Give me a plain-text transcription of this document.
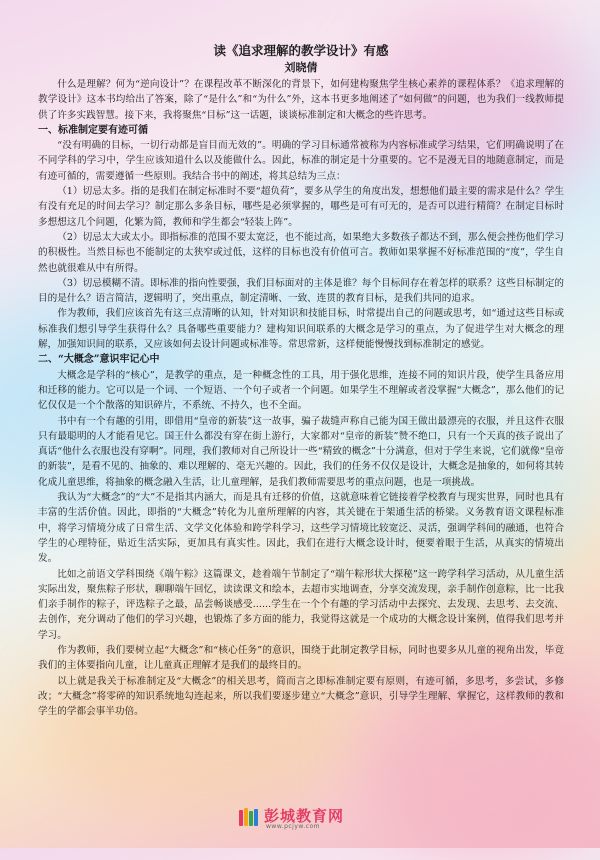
读《追求理解的教学设计》有感
刘晓倩

什么是理解？何为“逆向设计”？在课程改革不断深化的背景下，如何建构聚焦学生核心素养的课程体系？《追求理解的教学设计》这本书均给出了答案，除了“是什么”和“为什么”外，这本书更多地阐述了“如何做”的问题，也为我们一线教师提供了许多实践智慧。接下来，我将聚焦“目标”这一话题，谈谈标准制定和大概念的些许思考。

一、标准制定要有迹可循

“没有明确的目标，一切行动都是盲目而无效的”。明确的学习目标通常被称为内容标准或学习结果，它们明确说明了在不同学科的学习中，学生应该知道什么以及能做什么。因此，标准的制定是十分重要的。它不是漫无目的地随意制定，而是有迹可循的，需要遵循一些原则。我结合书中的阐述，将其总结为三点：

（1）切忌太多。指的是我们在制定标准时不要“超负荷”，要多从学生的角度出发，想想他们最主要的需求是什么？学生有没有充足的时间去学习？制定那么多条目标，哪些是必须掌握的，哪些是可有可无的，是否可以进行精简？在制定目标时多想想这几个问题，化繁为简，教师和学生都会“轻装上阵”。

（2）切忌太大或太小。即指标准的范围不要太宽泛，也不能过高，如果绝大多数孩子都达不到，那么便会挫伤他们学习的积极性。当然目标也不能制定的太狭窄或过低，这样的目标也没有价值可言。教师如果掌握不好标准范围的“度”，学生自然也就很难从中有所得。

（3）切忌模糊不清。即标准的指向性要强，我们目标面对的主体是谁？每个目标间存在着怎样的联系？这些目标制定的目的是什么？语言简洁，逻辑明了，突出重点，制定清晰、一致、连贯的教育目标，是我们共同的追求。

作为教师，我们应该首先有这三点清晰的认知，针对知识和技能目标，时常提出自己的问题或思考，如“通过这些目标或标准我们想引导学生获得什么？具备哪些重要能力？建构知识间联系的大概念是学习的重点，为了促进学生对大概念的理解，加强知识间的联系，又应该如何去设计问题或标准等。常思常新，这样便能慢慢找到标准制定的感觉。

二、“大概念”意识牢记心中

大概念是学科的“核心”，是教学的重点，是一种概念性的工具，用于强化思维，连接不同的知识片段，使学生具备应用和迁移的能力。它可以是一个词、一个短语、一个句子或者一个问题。如果学生不理解或者没掌握“大概念”，那么他们的记忆仅仅是一个个散落的知识碎片，不系统、不持久，也不全面。

书中有一个有趣的引用，即借用“皇帝的新装”这一故事，骗子裁缝声称自己能为国王做出最漂亮的衣服，并且这件衣服只有最聪明的人才能看见它。国王什么都没有穿在街上游行，大家都对“皇帝的新装”赞不绝口，只有一个天真的孩子说出了真话“他什么衣服也没有穿啊”。同理，我们教师对自己所设计一些“精致的概念”十分满意，但对于学生来说，它们就像“皇帝的新装”，是看不见的、抽象的、难以理解的、毫无兴趣的。因此，我们的任务不仅仅是设计，大概念是抽象的，如何将其转化成儿童思维，将抽象的概念融入生活，让儿童理解，是我们教师需要思考的重点问题，也是一项挑战。

我认为“大概念”的“大”不是指其内涵大，而是具有迁移的价值，这就意味着它链接着学校教育与现实世界，同时也具有丰富的生活价值。因此，即指的“大概念”转化为儿童所理解的内容，其关键在于架通生活的桥梁。义务教育语文课程标准中，将学习情境分成了日常生活、文学文化体验和跨学科学习，这些学习情境比较宽泛、灵活，强调学科间的融通，也符合学生的心理特征，贴近生活实际，更加具有真实性。因此，我们在进行大概念设计时，便要着眼于生活，从真实的情境出发。

比如之前语文学科围绕《端午粽》这篇课文，趁着端午节制定了“端午粽形状大探秘”这一跨学科学习活动，从儿童生活实际出发，聚焦粽子形状，聊聊端午回忆，读读课文和绘本，去超市实地调查，分享交流发现，亲手制作创意粽，比一比我们亲手制作的粽子，评选粽子之最，品尝畅谈感受......学生在一个个有趣的学习活动中去探究、去发现、去思考、去交流、去创作，充分调动了他们的学习兴趣，也锻炼了多方面的能力，我觉得这就是一个成功的大概念设计案例，值得我们思考并学习。

作为教师，我们要树立起“大概念”和“核心任务”的意识，围绕于此制定教学目标，同时也要多从儿童的视角出发，毕竟我们的主体要指向儿童，让儿童真正理解才是我们的最终目的。

以上就是我关于标准制定及“大概念”的相关思考，简而言之即标准制定要有原则，有迹可循，多思考，多尝试，多修改；“大概念”将零碎的知识系统地勾连起来，所以我们要逐步建立“大概念”意识，引导学生理解、掌握它，这样教师的教和学生的学都会事半功倍。

彭城教育网
www.pcjyw.com
